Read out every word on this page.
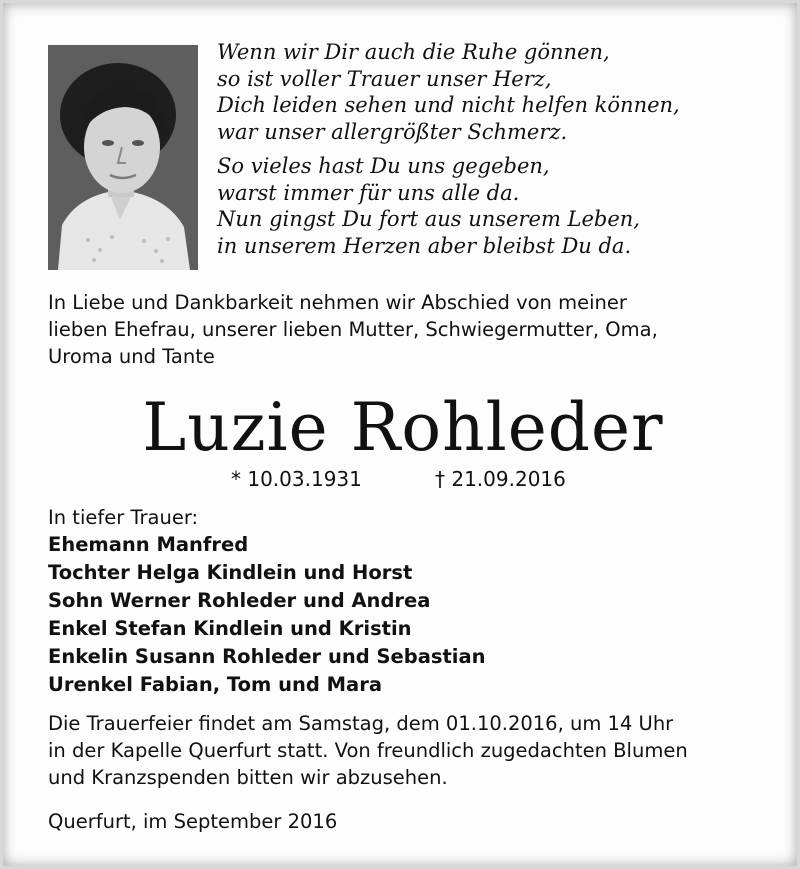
Wenn wir Dir auch die Ruhe gönnen,
so ist voller Trauer unser Herz,
Dich leiden sehen und nicht helfen können,
war unser allergrößter Schmerz.
So vieles hast Du uns gegeben,
warst immer für uns alle da.
Nun gingst Du fort aus unserem Leben,
in unserem Herzen aber bleibst Du da.
In Liebe und Dankbarkeit nehmen wir Abschied von meiner
lieben Ehefrau, unserer lieben Mutter, Schwiegermutter, Oma,
Uroma und Tante
Luzie Rohleder
* 10.03.1931	† 21.09.2016
In tiefer Trauer:
Ehemann Manfred
Tochter Helga Kindlein und Horst
Sohn Werner Rohleder und Andrea
Enkel Stefan Kindlein und Kristin
Enkelin Susann Rohleder und Sebastian
Urenkel Fabian, Tom und Mara
Die Trauerfeier findet am Samstag, dem 01.10.2016, um 14 Uhr
in der Kapelle Querfurt statt. Von freundlich zugedachten Blumen
und Kranzspenden bitten wir abzusehen.
Querfurt, im September 2016
